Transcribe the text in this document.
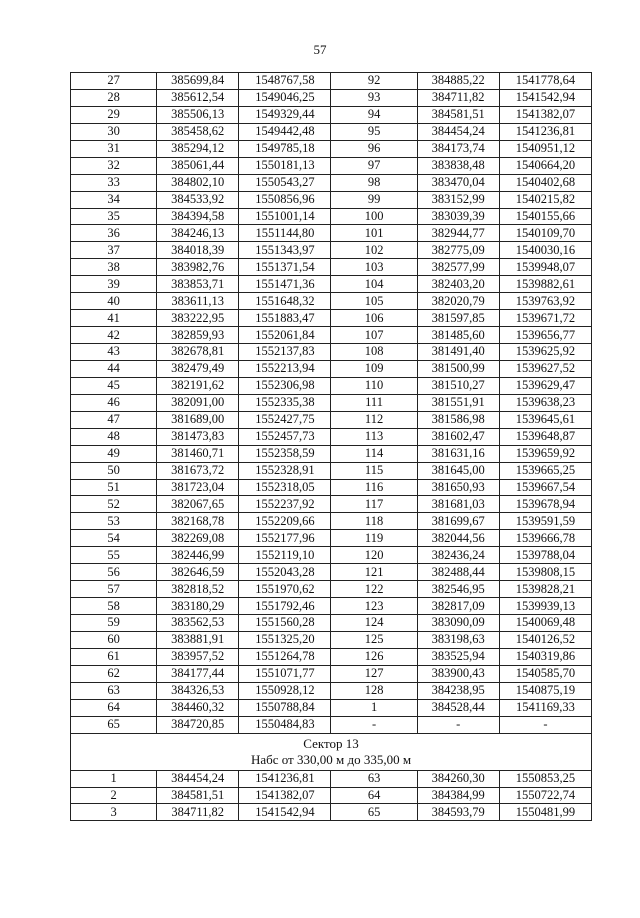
57
27	385699,84	1548767,58	92	384885,22	1541778,64
28	385612,54	1549046,25	93	384711,82	1541542,94
29	385506,13	1549329,44	94	384581,51	1541382,07
30	385458,62	1549442,48	95	384454,24	1541236,81
31	385294,12	1549785,18	96	384173,74	1540951,12
32	385061,44	1550181,13	97	383838,48	1540664,20
33	384802,10	1550543,27	98	383470,04	1540402,68
34	384533,92	1550856,96	99	383152,99	1540215,82
35	384394,58	1551001,14	100	383039,39	1540155,66
36	384246,13	1551144,80	101	382944,77	1540109,70
37	384018,39	1551343,97	102	382775,09	1540030,16
38	383982,76	1551371,54	103	382577,99	1539948,07
39	383853,71	1551471,36	104	382403,20	1539882,61
40	383611,13	1551648,32	105	382020,79	1539763,92
41	383222,95	1551883,47	106	381597,85	1539671,72
42	382859,93	1552061,84	107	381485,60	1539656,77
43	382678,81	1552137,83	108	381491,40	1539625,92
44	382479,49	1552213,94	109	381500,99	1539627,52
45	382191,62	1552306,98	110	381510,27	1539629,47
46	382091,00	1552335,38	111	381551,91	1539638,23
47	381689,00	1552427,75	112	381586,98	1539645,61
48	381473,83	1552457,73	113	381602,47	1539648,87
49	381460,71	1552358,59	114	381631,16	1539659,92
50	381673,72	1552328,91	115	381645,00	1539665,25
51	381723,04	1552318,05	116	381650,93	1539667,54
52	382067,65	1552237,92	117	381681,03	1539678,94
53	382168,78	1552209,66	118	381699,67	1539591,59
54	382269,08	1552177,96	119	382044,56	1539666,78
55	382446,99	1552119,10	120	382436,24	1539788,04
56	382646,59	1552043,28	121	382488,44	1539808,15
57	382818,52	1551970,62	122	382546,95	1539828,21
58	383180,29	1551792,46	123	382817,09	1539939,13
59	383562,53	1551560,28	124	383090,09	1540069,48
60	383881,91	1551325,20	125	383198,63	1540126,52
61	383957,52	1551264,78	126	383525,94	1540319,86
62	384177,44	1551071,77	127	383900,43	1540585,70
63	384326,53	1550928,12	128	384238,95	1540875,19
64	384460,32	1550788,84	1	384528,44	1541169,33
65	384720,85	1550484,83	-	-	-

Сектор 13
Набс от 330,00 м до 335,00 м					

1	384454,24	1541236,81	63	384260,30	1550853,25
2	384581,51	1541382,07	64	384384,99	1550722,74
3	384711,82	1541542,94	65	384593,79	1550481,99
